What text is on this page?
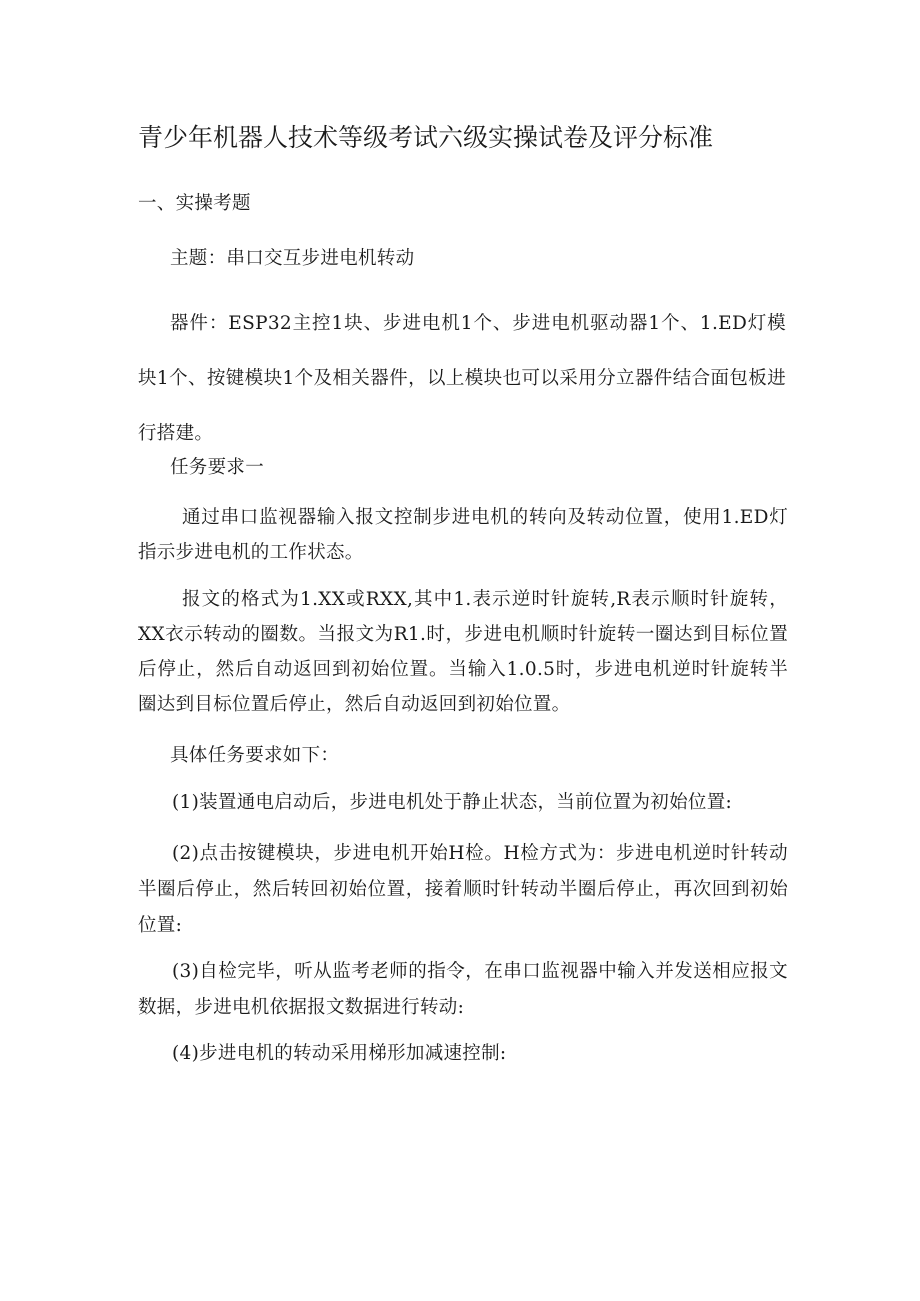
青少年机器人技术等级考试六级实操试卷及评分标准
一、实操考题
主题：串口交互步进电机转动
器件：ESP32主控1块、步进电机1个、步进电机驱动器1个、1.ED灯模块1个、按键模块1个及相关器件，以上模块也可以采用分立器件结合面包板进行搭建。
任务要求一
通过串口监视器输入报文控制步进电机的转向及转动位置，使用1.ED灯指示步进电机的工作状态。
报文的格式为1.XX或RXX,其中1.表示逆时针旋转,R表示顺时针旋转，XX衣示转动的圈数。当报文为R1.时，步进电机顺时针旋转一圈达到目标位置后停止，然后自动返回到初始位置。当输入1.0.5时，步进电机逆时针旋转半圈达到目标位置后停止，然后自动返回到初始位置。
具体任务要求如下：
(1)装置通电启动后，步进电机处于静止状态，当前位置为初始位置:
(2)点击按键模块，步进电机开始H检。H检方式为：步进电机逆时针转动半圈后停止，然后转回初始位置，接着顺时针转动半圈后停止，再次回到初始位置:
(3)自检完毕，听从监考老师的指令，在串口监视器中输入并发送相应报文数据，步进电机依据报文数据进行转动:
(4)步进电机的转动采用梯形加减速控制:
